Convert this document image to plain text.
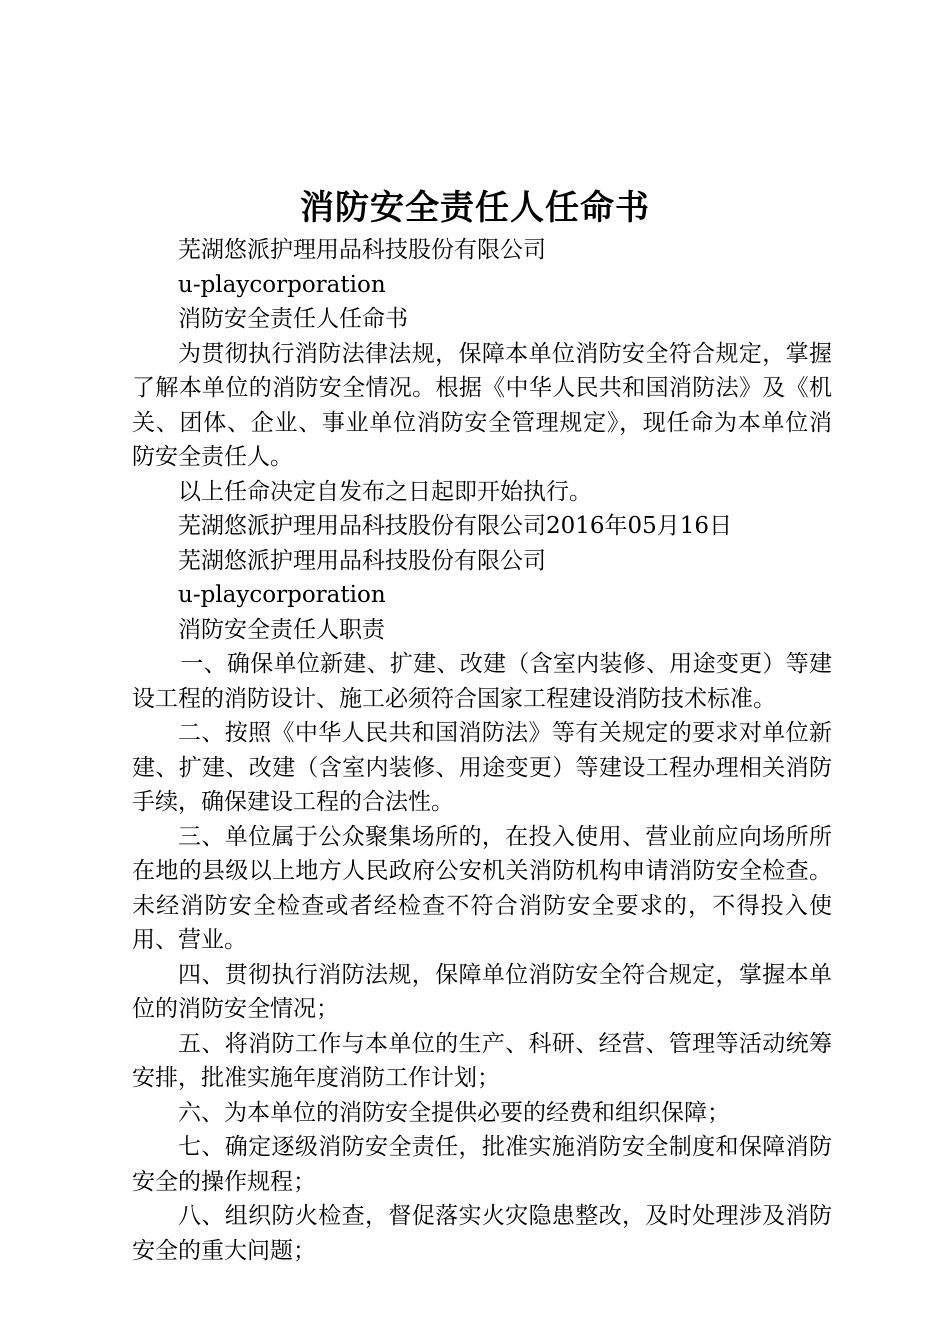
消防安全责任人任命书

芜湖悠派护理用品科技股份有限公司

u-playcorporation

消防安全责任人任命书

为贯彻执行消防法律法规，保障本单位消防安全符合规定，掌握了解本单位的消防安全情况。根据《中华人民共和国消防法》及《机关、团体、企业、事业单位消防安全管理规定》，现任命为本单位消防安全责任人。

以上任命决定自发布之日起即开始执行。

芜湖悠派护理用品科技股份有限公司2016年05月16日

芜湖悠派护理用品科技股份有限公司

u-playcorporation

消防安全责任人职责

一、确保单位新建、扩建、改建（含室内装修、用途变更）等建设工程的消防设计、施工必须符合国家工程建设消防技术标准。

二、按照《中华人民共和国消防法》等有关规定的要求对单位新建、扩建、改建（含室内装修、用途变更）等建设工程办理相关消防手续，确保建设工程的合法性。

三、单位属于公众聚集场所的，在投入使用、营业前应向场所所在地的县级以上地方人民政府公安机关消防机构申请消防安全检查。未经消防安全检查或者经检查不符合消防安全要求的，不得投入使用、营业。

四、贯彻执行消防法规，保障单位消防安全符合规定，掌握本单位的消防安全情况；

五、将消防工作与本单位的生产、科研、经营、管理等活动统筹安排，批准实施年度消防工作计划；

六、为本单位的消防安全提供必要的经费和组织保障；

七、确定逐级消防安全责任，批准实施消防安全制度和保障消防安全的操作规程；

八、组织防火检查，督促落实火灾隐患整改，及时处理涉及消防安全的重大问题；
